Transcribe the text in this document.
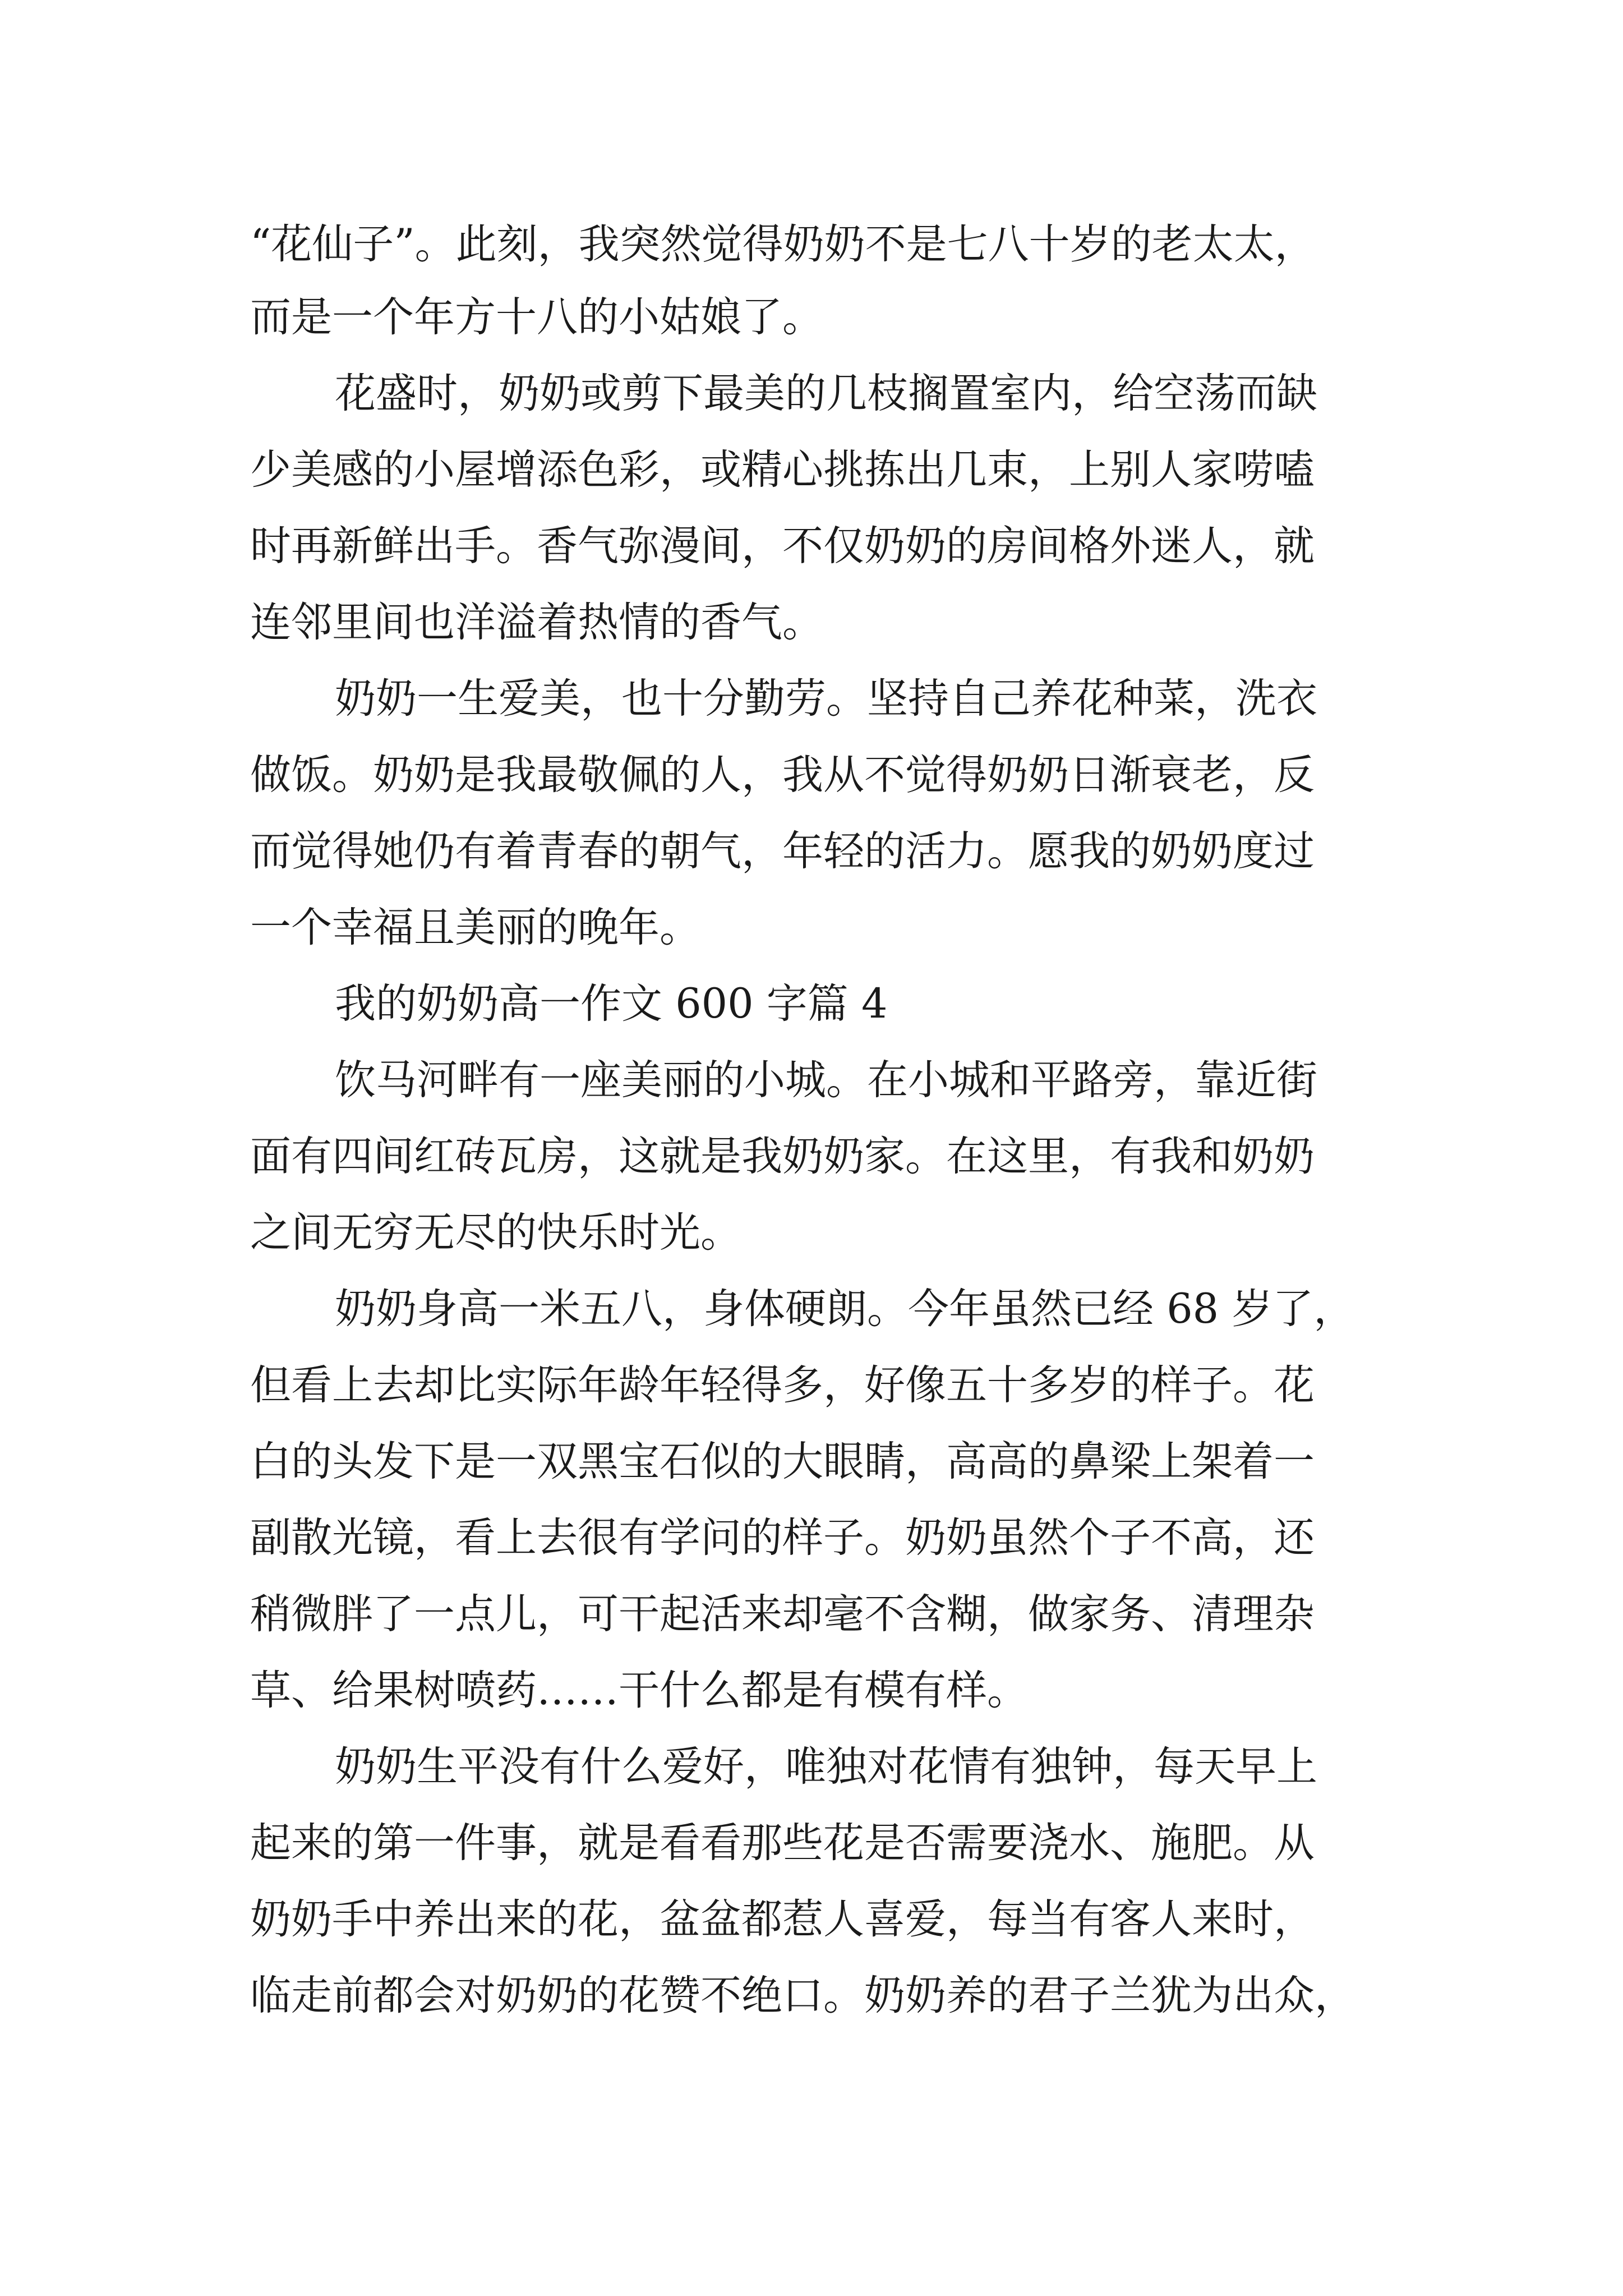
“花仙子”。此刻，我突然觉得奶奶不是七八十岁的老太太，
而是一个年方十八的小姑娘了。
花盛时，奶奶或剪下最美的几枝搁置室内，给空荡而缺
少美感的小屋增添色彩，或精心挑拣出几束，上别人家唠嗑
时再新鲜出手。香气弥漫间，不仅奶奶的房间格外迷人，就
连邻里间也洋溢着热情的香气。
奶奶一生爱美，也十分勤劳。坚持自己养花种菜，洗衣
做饭。奶奶是我最敬佩的人，我从不觉得奶奶日渐衰老，反
而觉得她仍有着青春的朝气，年轻的活力。愿我的奶奶度过
一个幸福且美丽的晚年。
我的奶奶高一作文 600 字篇 4
饮马河畔有一座美丽的小城。在小城和平路旁，靠近街
面有四间红砖瓦房，这就是我奶奶家。在这里，有我和奶奶
之间无穷无尽的快乐时光。
奶奶身高一米五八，身体硬朗。今年虽然已经 68 岁了，
但看上去却比实际年龄年轻得多，好像五十多岁的样子。花
白的头发下是一双黑宝石似的大眼睛，高高的鼻梁上架着一
副散光镜，看上去很有学问的样子。奶奶虽然个子不高，还
稍微胖了一点儿，可干起活来却毫不含糊，做家务、清理杂
草、给果树喷药……干什么都是有模有样。
奶奶生平没有什么爱好，唯独对花情有独钟，每天早上
起来的第一件事，就是看看那些花是否需要浇水、施肥。从
奶奶手中养出来的花，盆盆都惹人喜爱，每当有客人来时，
临走前都会对奶奶的花赞不绝口。奶奶养的君子兰犹为出众，
